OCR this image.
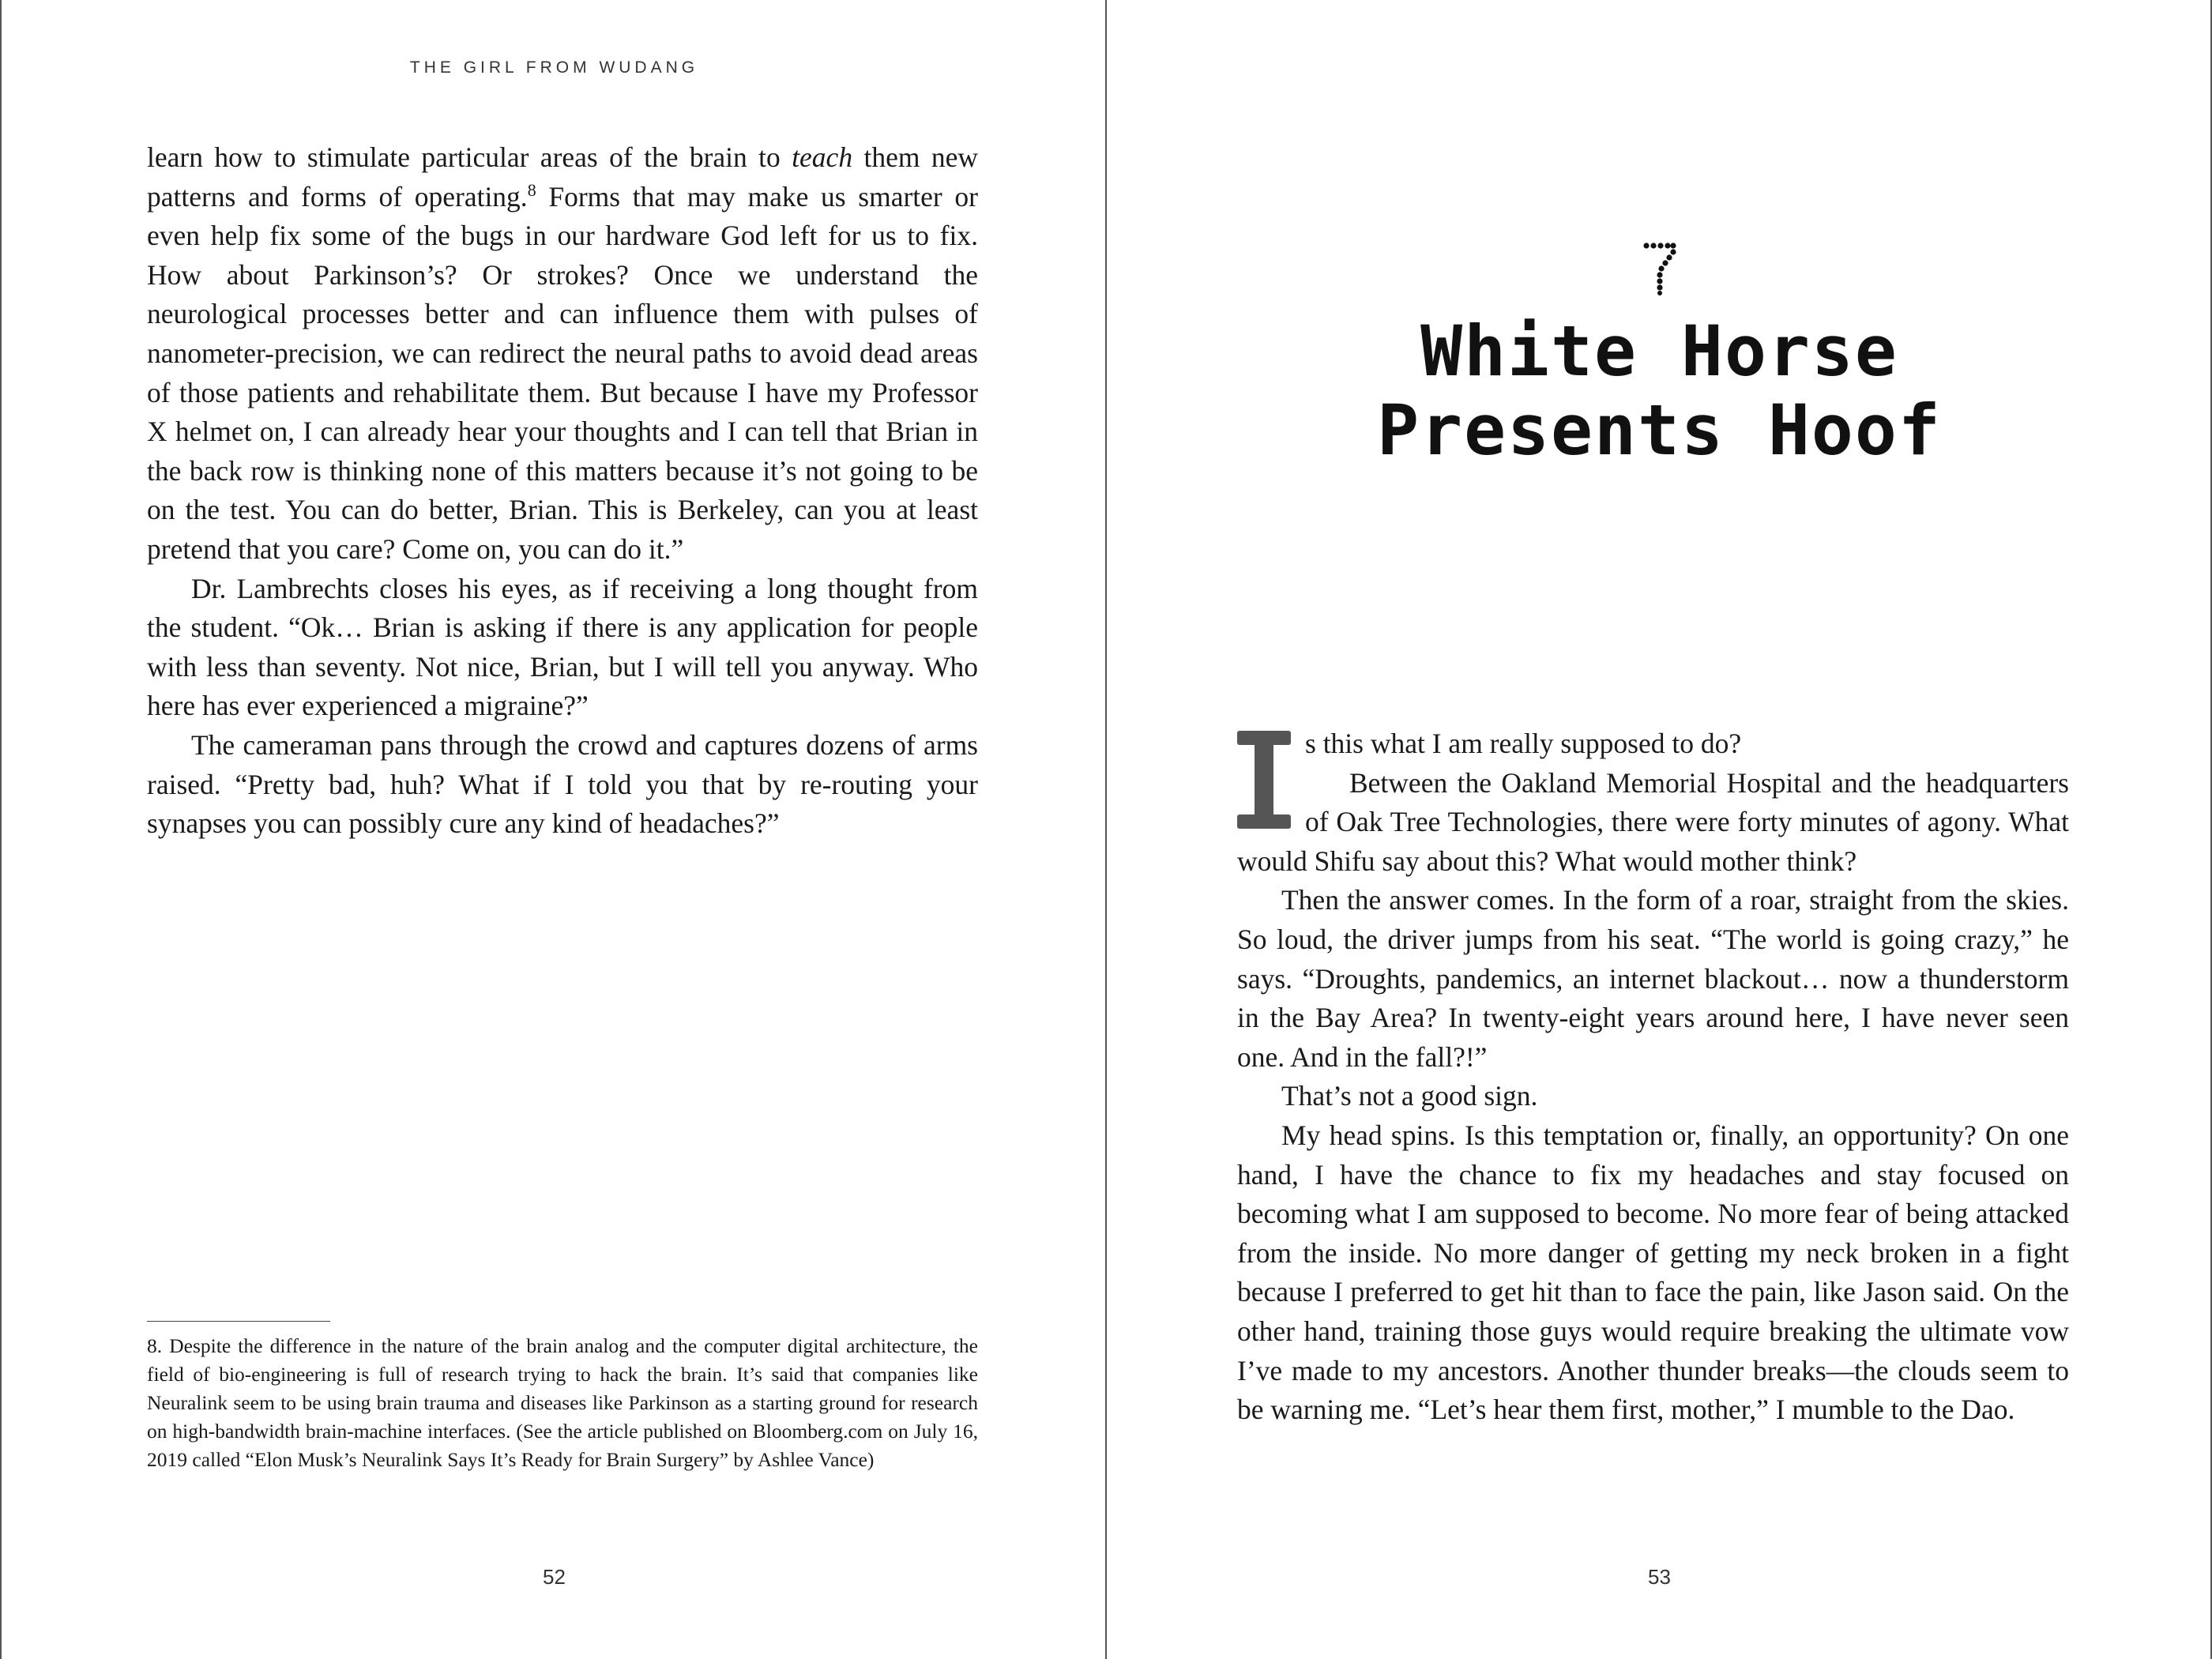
THE GIRL FROM WUDANG

learn how to stimulate particular areas of the brain to teach them new patterns and forms of operating.$^8$ Forms that may make us smarter or even help fix some of the bugs in our hardware God left for us to fix. How about Parkinson’s? Or strokes? Once we understand the neurological processes better and can influence them with pulses of nanometer-precision, we can redirect the neural paths to avoid dead areas of those patients and rehabilitate them. But because I have my Professor X helmet on, I can already hear your thoughts and I can tell that Brian in the back row is thinking none of this matters because it’s not going to be on the test. You can do better, Brian. This is Berkeley, can you at least pretend that you care? Come on, you can do it.”

Dr. Lambrechts closes his eyes, as if receiving a long thought from the student. “Ok… Brian is asking if there is any application for people with less than seventy. Not nice, Brian, but I will tell you anyway. Who here has ever experienced a migraine?”

The cameraman pans through the crowd and captures dozens of arms raised. “Pretty bad, huh? What if I told you that by re-routing your synapses you can possibly cure any kind of headaches?”

8. Despite the difference in the nature of the brain analog and the computer digital architecture, the field of bio-engineering is full of research trying to hack the brain. It’s said that companies like Neuralink seem to be using brain trauma and diseases like Parkinson as a starting ground for research on high-bandwidth brain-machine interfaces. (See the article published on Bloomberg.com on July 16, 2019 called “Elon Musk’s Neuralink Says It’s Ready for Brain Surgery” by Ashlee Vance)
52
White Horse
Presents Hoof
I

s this what I am really supposed to do?

Between the Oakland Memorial Hospital and the headquarters of Oak Tree Technologies, there were forty minutes of agony. What would Shifu say about this? What would mother think?

Then the answer comes. In the form of a roar, straight from the skies. So loud, the driver jumps from his seat. “The world is going crazy,” he says. “Droughts, pandemics, an internet blackout… now a thunderstorm in the Bay Area? In twenty-eight years around here, I have never seen one. And in the fall?!”

That’s not a good sign.

My head spins. Is this temptation or, finally, an opportunity? On one hand, I have the chance to fix my headaches and stay focused on becoming what I am supposed to become. No more fear of being attacked from the inside. No more danger of getting my neck broken in a fight because I preferred to get hit than to face the pain, like Jason said. On the other hand, training those guys would require breaking the ultimate vow I’ve made to my ancestors. Another thunder breaks—the clouds seem to be warning me. “Let’s hear them first, mother,” I mumble to the Dao.

53
